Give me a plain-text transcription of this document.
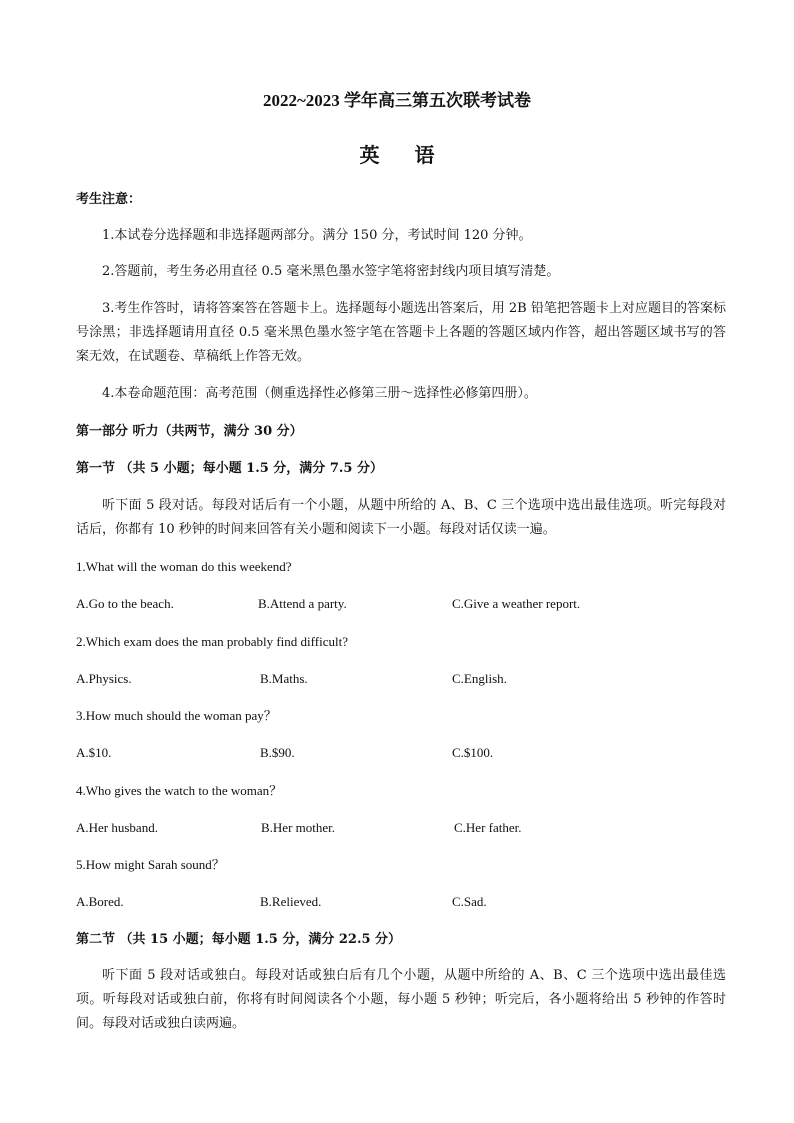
2022~2023 学年高三第五次联考试卷
英 语
考生注意：
1.本试卷分选择题和非选择题两部分。满分 150 分，考试时间 120 分钟。
2.答题前，考生务必用直径 0.5 毫米黑色墨水签字笔将密封线内项目填写清楚。
3.考生作答时，请将答案答在答题卡上。选择题每小题选出答案后，用 2B 铅笔把答题卡上对应题目的答案标号涂黑；非选择题请用直径 0.5 毫米黑色墨水签字笔在答题卡上各题的答题区域内作答，超出答题区域书写的答案无效，在试题卷、草稿纸上作答无效。
4.本卷命题范围：高考范围（侧重选择性必修第三册～选择性必修第四册）。
第一部分 听力（共两节，满分 30 分）
第一节 （共 5 小题；每小题 1.5 分，满分 7.5 分）
听下面 5 段对话。每段对话后有一个小题，从题中所给的 A、B、C 三个选项中选出最佳选项。听完每段对话后，你都有 10 秒钟的时间来回答有关小题和阅读下一小题。每段对话仅读一遍。
1.What will the woman do this weekend?
A.Go to the beach.	B.Attend a party.	C.Give a weather report.
2.Which exam does the man probably find difficult?
A.Physics.	B.Maths.	C.English.
3.How much should the woman pay？
A.$10.	B.$90.	C.$100.
4.Who gives the watch to the woman？
A.Her husband.	B.Her mother.	C.Her father.
5.How might Sarah sound？
A.Bored.	B.Relieved.	C.Sad.
第二节 （共 15 小题；每小题 1.5 分，满分 22.5 分）
听下面 5 段对话或独白。每段对话或独白后有几个小题，从题中所给的 A、B、C 三个选项中选出最佳选项。听每段对话或独白前，你将有时间阅读各个小题，每小题 5 秒钟；听完后，各小题将给出 5 秒钟的作答时间。每段对话或独白读两遍。
